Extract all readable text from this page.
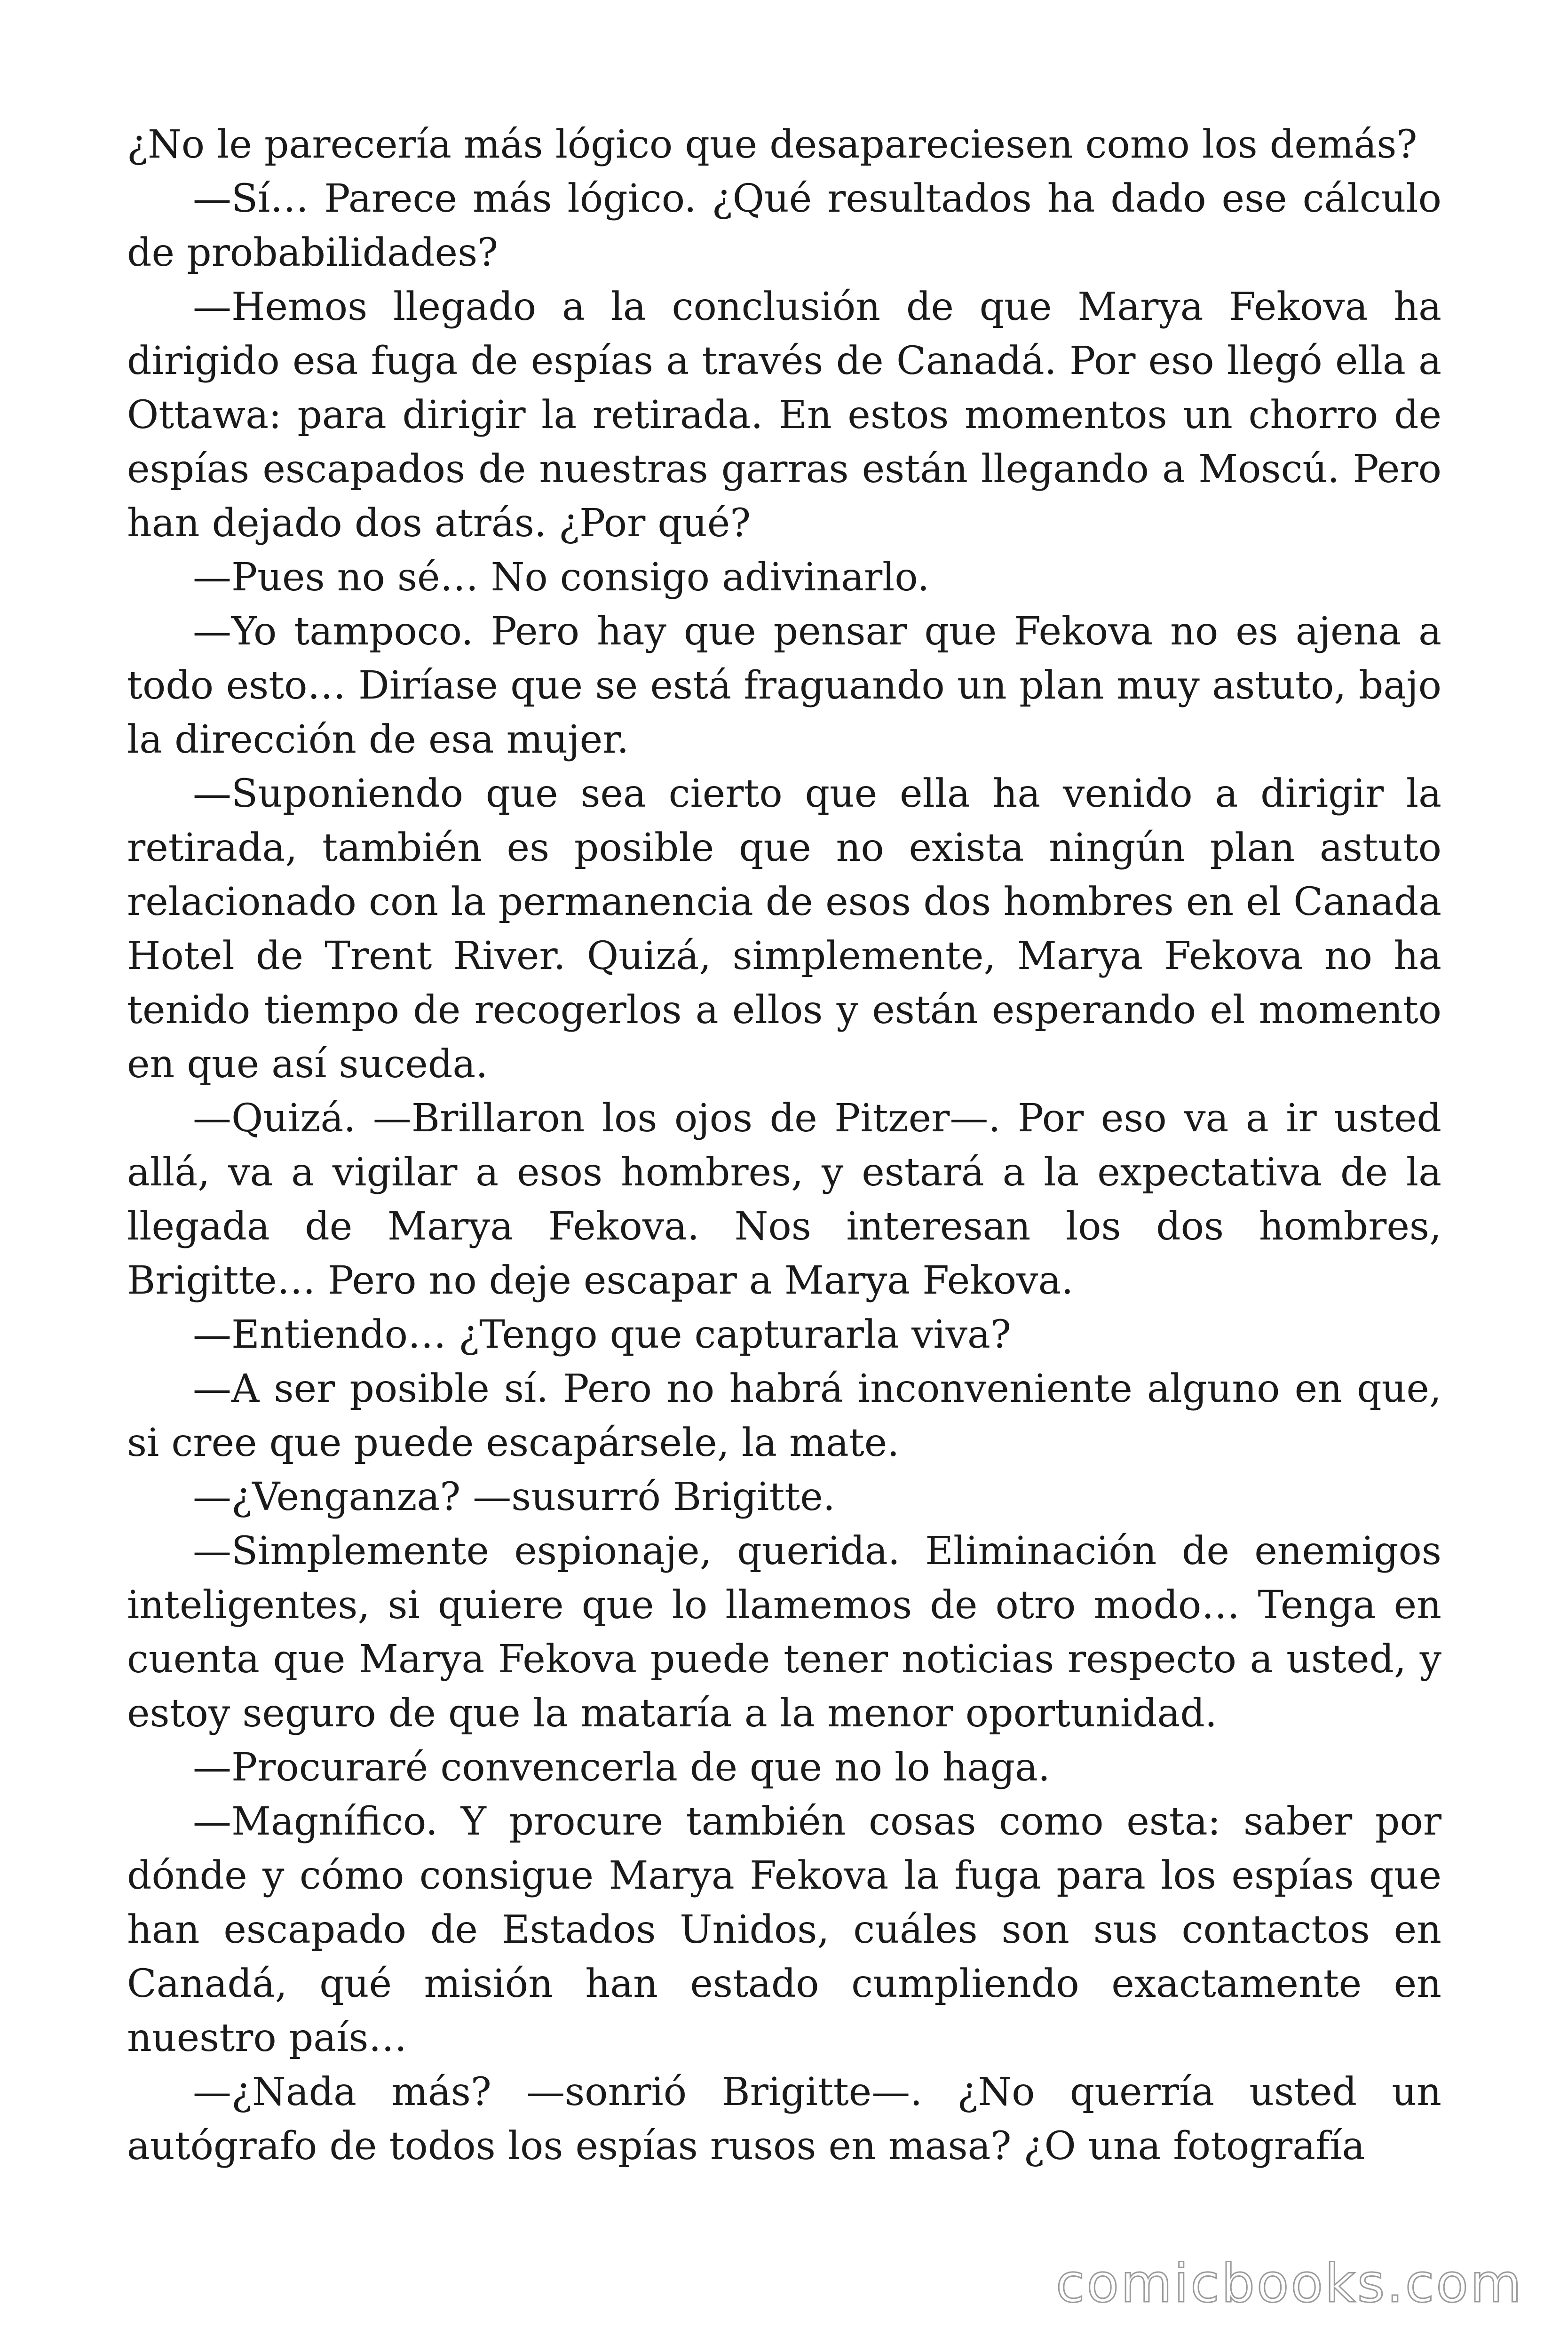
¿No le parecería más lógico que desapareciesen como los demás?

—Sí… Parece más lógico. ¿Qué resultados ha dado ese cálculo de probabilidades?

—Hemos llegado a la conclusión de que Marya Fekova ha dirigido esa fuga de espías a través de Canadá. Por eso llegó ella a Ottawa: para dirigir la retirada. En estos momentos un chorro de espías escapados de nuestras garras están llegando a Moscú. Pero han dejado dos atrás. ¿Por qué?

—Pues no sé… No consigo adivinarlo.

—Yo tampoco. Pero hay que pensar que Fekova no es ajena a todo esto… Diríase que se está fraguando un plan muy astuto, bajo la dirección de esa mujer.

—Suponiendo que sea cierto que ella ha venido a dirigir la retirada, también es posible que no exista ningún plan astuto relacionado con la permanencia de esos dos hombres en el Canada Hotel de Trent River. Quizá, simplemente, Marya Fekova no ha tenido tiempo de recogerlos a ellos y están esperando el momento en que así suceda.

—Quizá. —Brillaron los ojos de Pitzer—. Por eso va a ir usted allá, va a vigilar a esos hombres, y estará a la expectativa de la llegada de Marya Fekova. Nos interesan los dos hombres, Brigitte… Pero no deje escapar a Marya Fekova.

—Entiendo… ¿Tengo que capturarla viva?

—A ser posible sí. Pero no habrá inconveniente alguno en que, si cree que puede escapársele, la mate.

—¿Venganza? —susurró Brigitte.

—Simplemente espionaje, querida. Eliminación de enemigos inteligentes, si quiere que lo llamemos de otro modo… Tenga en cuenta que Marya Fekova puede tener noticias respecto a usted, y estoy seguro de que la mataría a la menor oportunidad.

—Procuraré convencerla de que no lo haga.

—Magnífico. Y procure también cosas como esta: saber por dónde y cómo consigue Marya Fekova la fuga para los espías que han escapado de Estados Unidos, cuáles son sus contactos en Canadá, qué misión han estado cumpliendo exactamente en nuestro país…

—¿Nada más? —sonrió Brigitte—. ¿No querría usted un autógrafo de todos los espías rusos en masa? ¿O una fotografía

comicbooks.com
